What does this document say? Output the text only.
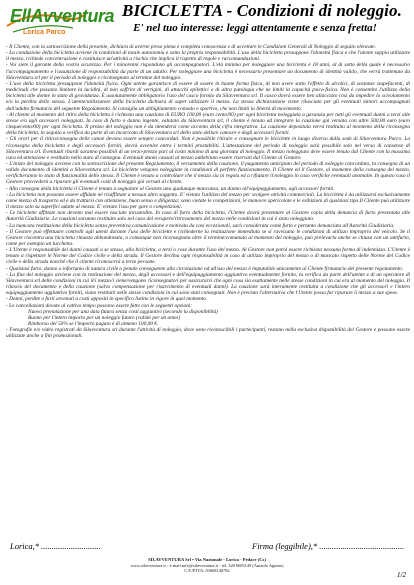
EllAvventura
Lorica Parco
BICICLETTA - Condizioni di noleggio.
E' nel tuo interesse: leggi attentamente e senza fretta!

- Il Cliente, con la sottoscrizione della presente, dichiara di averne preso piena e completa conoscenza e di accettare le Condizioni Generali di Noleggio di seguito elencate.

- La conduzione della bicicletta avviene in condizioni di totale autonomia e sotto la propria responsabilità. L'uso della bicicletta presuppone l'idoneità fisica e che l'utente sappia utilizzare il mezzo, richiede concentrazione e costituisce un'attività a rischio che implica il rispetto di regole e raccomandazioni.

- Voi siete il garante della vostra sicurezza. Per i minorenni rispondono gli accompagnatori. L'età minima per noleggiare una bicicletta è 18 anni, al di sotto della quale è necessario l'accompagnamento e l'assunzione di responsabilità da parte di un adulto. Per noleggiare una bicicletta è necessario presentare un documento di identità valido, che verrà trattenuto da Silavventura srl per il periodo di noleggio e riconsegnato al termine del noleggio.

- L'uso della bicicletta presuppone l'idoneità fisica. Ogni utente garantisce di essere di essere in buone forma fisica, di non avere sotto l'effetto di alcolici, di sostanze stupefacenti, di medicinali che possano limitare la lucidità, di non soffrire di vertigini, di attacchi epilettici o di altra patologia che ne limiti la capacità psico-fisica. Non è consentito l'utilizzo della bicicletta alle donne in stato di gravidanza. È assolutamente obbligatorio l'uso del casco fornito da Silavventura srl. Il casco dovrà essere ben allacciato così da impedire lo scivolamento e/o la perdita dello stesso. L'utente/utilizzatore della bicicletta dichiara di saper utilizzare il mezzo. La stessa dichiarazione viene rilasciata per gli eventuali minori accompagnati dall'adulto firmatario del seguente Regolamento. Si consiglia un abbigliamento comodo e sportivo, che non limiti la libertà di movimento.

- Al cliente al momento del ritiro della bicicletta è richiesta una cauzione di EURO 100,00 (euro cento/00) per ogni bicicletta noleggiata a garanzia per tutti gli eventuali danni a terzi alle stesse e/o agli accessori noleggiati. In caso di furto o danno ingente, valutato da Silavventura srl, il cliente è tenuto ad integrare la cauzione già versata con altre 500,00 euro (euro cinquecento/00) per ogni bicicletta. Il prezzo del noleggio non è da intendersi come acconto della cifra integrativa. La cauzione depositata verrà restituita al momento della riconsegna della bicicletta, in seguito a verifica da parte di un incaricato di Silavventura srl dello stato della/e canoa/e e degli accessori forniti.

- Gli orari per il ritiro/consegna delle canoe devono essere sempre concordati. Non è possibile ritirare e consegnare le biciclette in luogo diverso dalla sede di Silavventura Parco. La riconsegna della bicicletta e degli accessori forniti, dovrà avvenire entro i termini prestabiliti. L'attestazione del periodo di noleggio sarà possibile solo nel verso di consenso di Silavventura srl. Eventuali ritardi saranno possibili di un terzo-prezzo pari al costo minimo di una giornata di noleggio. Il mezzo noleggiato deve essere tenuto dal Cliente con la massima cura ed attenzione e restituito nello stato di consegna. Eventuali danni causati al mezzo addebitato essere riservati dal Cliente al Gestore.

- L'inizio del noleggio avviene con la sottoscrizione del presente Regolamento, il versamento della cauzione, il pagamento anticipato del periodo di noleggio concordato, la consegna di un valido documento di identità a Silavventura srl. Le biciclette vengono noleggiate in condizioni di perfetto funzionamento. Il Cliente ed il Gestore, al momento della consegna del mezzo, verificheranno lo stato di funzionalità dello stesso. Il Cliente è tenuto a controllare che il mezzo sia in regola ed a rifiutare il noleggio in caso verifiche eventuali anomalie. In questo caso il Gestore provvederà a riparare gli eventuali costi di noleggio già versati al cliente.

- Alla consegna della bicicletta il Cliente è tenuto a segnalare al Gestore una qualunque mancanza, un danno all'equipaggiamento, agli accessori forniti.

- La bicicletta non possono essere affidate né risaffittate a nessun altro soggetto. E' vietato l'utilizzo del mezzo per svolgere attività commerciali. La bicicletta è da utilizzarsi esclusivamente come mezzo di trasporto ed è da trattarsi con attenzione, buon senso e diligenza; sono vietate le competizioni, le manovre spericolate e le esibizioni di qualsiasi tipo.Il Cliente può utilizzare il mezzo solo su superfici adatte al mezzo. E' vietato l'uso per gare o competizioni.

- Le biciclette affittate non devono mai essere lasciate incustodite. In caso di furto della bicicletta, l'Utente dovrà presentare al Gestore copia della denuncia di furto presentata alle Autorità Giudiziarie. Le cauzioni saranno restituite solo nel caso del recupero/ritrovamento del mezzo nelle condizioni in cui è stato noleggiato.

- La mancata restituzione della bicicletta senza preventiva comunicazione e motivata da casi eccezionali, sarà considerata come furto e pertanto denunciata all'Autorità Giudiziaria.

- Il Gestore può effettuare controlli agli utenti durante l'uso delle biciclette e richiederne la restituzione immediata se si ravvisano le condizioni di utilizzo improprio del veicolo. Se il Gestore riscontra una bicicletta rimasta abbandonata, o comunque non riconsegnata oltre il termine/comunato al momento del noleggio, può prelevarla anche se chiusa con un antifurto, come per esempio un lucchetto.

- L'Utente è responsabile dei danni causati a se stesso, alla bicicletta, a terzi o cose durante l'uso del mezzo. Al Gestore non potrà essere richiesta nessuna forma di indennizzo. L'Utente è tenuto a rispettare le Norme del Codice civile e della strada. Il Gestore declina ogni responsabilità in caso di utilizzo improprio del mezzo o di mancato rispetto delle Norme del Codice civile e della strada nonché che il cliente riconoscerà a terze persone.

- Qualsiasi furto, danno o infortunio di natura civile o penale conseguente alla circolazione od all'uso del mezzo è imputabile unicamente al Cliente firmatario del presente regolamento.

- La fine del noleggio avviene con la restituzione del mezzo, degli accessori e dell'equipaggiamento aggiuntivo eventualmente fornito, la verifica da parte dell'utente e di un operatore di Silavventura srl delle condizioni in cui il/i mezzo/i viene/vengono riconsegnato/i per assicurarsi che ogni cosa sia esattamente nelle stesse condizioni in cui era al momento del noleggio. Il rilascio del documento e della cauzione (salvo compensazione per risarcimento di eventuali danni). La cauzione sarà interamente restituita a condizione che gli accessori e l'intero equipaggiamento aggiuntivo forniti, siano restituiti nelle stesse condizioni in cui sono stati consegnati. Non è previsto l'alternativa che l'Utente possa far riparare il mezzo a sue spese.

- Danni, perdite o furti avvenuti a costi appositi in specifico listino in vigore in quel momento.

- Le cancellazioni dovute al cattivo tempo possono essere fatte con le seguenti opzioni:

Nuova prenotazione per una data futura senza costi aggiuntivi (secondo la disponibilità)

Buono per l'intero importo per un noleggio futuro (valido per un anno)

Rimborso del 50% se l'importo pagato è di almeno 100,00 €.

- Fotografie e/o video registrati da Silavventura srl durante l'attività di noleggio, dove sono riconoscibili i partecipanti, restano nella esclusiva disponibilità del Gestore e possono essere utilizzate anche a fini promozionali.

Lorica,* ............................	Firma (leggibile),* ........................................
SILAVVENTURA Srl • Via Nazionale - Lorica - Pedace (Cs)
www.silavventura.it - e-mail:info@silavventura.it - tel. 328 6683149 (Amaolo Aguino)
C.F./P.IVA: 03668140782
1/2
